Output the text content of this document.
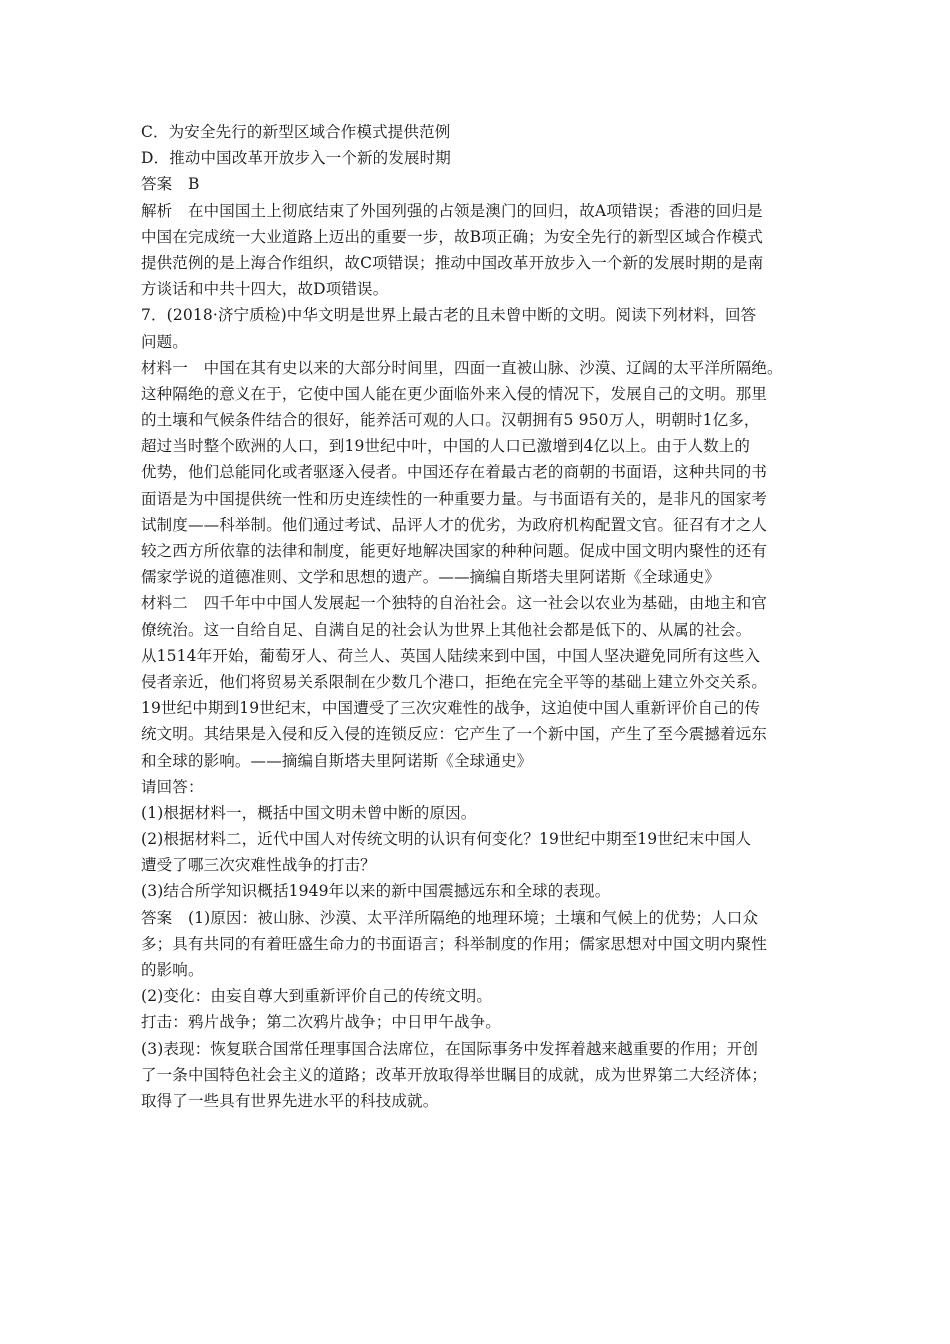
C．为安全先行的新型区域合作模式提供范例
D．推动中国改革开放步入一个新的发展时期
答案　B
解析　在中国国土上彻底结束了外国列强的占领是澳门的回归，故A项错误；香港的回归是
中国在完成统一大业道路上迈出的重要一步，故B项正确；为安全先行的新型区域合作模式
提供范例的是上海合作组织，故C项错误；推动中国改革开放步入一个新的发展时期的是南
方谈话和中共十四大，故D项错误。
7．(2018·济宁质检)中华文明是世界上最古老的且未曾中断的文明。阅读下列材料，回答
问题。
材料一　中国在其有史以来的大部分时间里，四面一直被山脉、沙漠、辽阔的太平洋所隔绝。
这种隔绝的意义在于，它使中国人能在更少面临外来入侵的情况下，发展自己的文明。那里
的土壤和气候条件结合的很好，能养活可观的人口。汉朝拥有5 950万人，明朝时1亿多，
超过当时整个欧洲的人口，到19世纪中叶，中国的人口已激增到4亿以上。由于人数上的
优势，他们总能同化或者驱逐入侵者。中国还存在着最古老的商朝的书面语，这种共同的书
面语是为中国提供统一性和历史连续性的一种重要力量。与书面语有关的，是非凡的国家考
试制度——科举制。他们通过考试、品评人才的优劣，为政府机构配置文官。征召有才之人
较之西方所依靠的法律和制度，能更好地解决国家的种种问题。促成中国文明内聚性的还有
儒家学说的道德准则、文学和思想的遗产。——摘编自斯塔夫里阿诺斯《全球通史》
材料二　四千年中中国人发展起一个独特的自治社会。这一社会以农业为基础，由地主和官
僚统治。这一自给自足、自满自足的社会认为世界上其他社会都是低下的、从属的社会。
从1514年开始，葡萄牙人、荷兰人、英国人陆续来到中国，中国人坚决避免同所有这些入
侵者亲近，他们将贸易关系限制在少数几个港口，拒绝在完全平等的基础上建立外交关系。
19世纪中期到19世纪末，中国遭受了三次灾难性的战争，这迫使中国人重新评价自己的传
统文明。其结果是入侵和反入侵的连锁反应：它产生了一个新中国，产生了至今震撼着远东
和全球的影响。——摘编自斯塔夫里阿诺斯《全球通史》
请回答：
(1)根据材料一，概括中国文明未曾中断的原因。
(2)根据材料二，近代中国人对传统文明的认识有何变化？19世纪中期至19世纪末中国人
遭受了哪三次灾难性战争的打击？
(3)结合所学知识概括1949年以来的新中国震撼远东和全球的表现。
答案　(1)原因：被山脉、沙漠、太平洋所隔绝的地理环境；土壤和气候上的优势；人口众
多；具有共同的有着旺盛生命力的书面语言；科举制度的作用；儒家思想对中国文明内聚性
的影响。
(2)变化：由妄自尊大到重新评价自己的传统文明。
打击：鸦片战争；第二次鸦片战争；中日甲午战争。
(3)表现：恢复联合国常任理事国合法席位，在国际事务中发挥着越来越重要的作用；开创
了一条中国特色社会主义的道路；改革开放取得举世瞩目的成就，成为世界第二大经济体；
取得了一些具有世界先进水平的科技成就。
